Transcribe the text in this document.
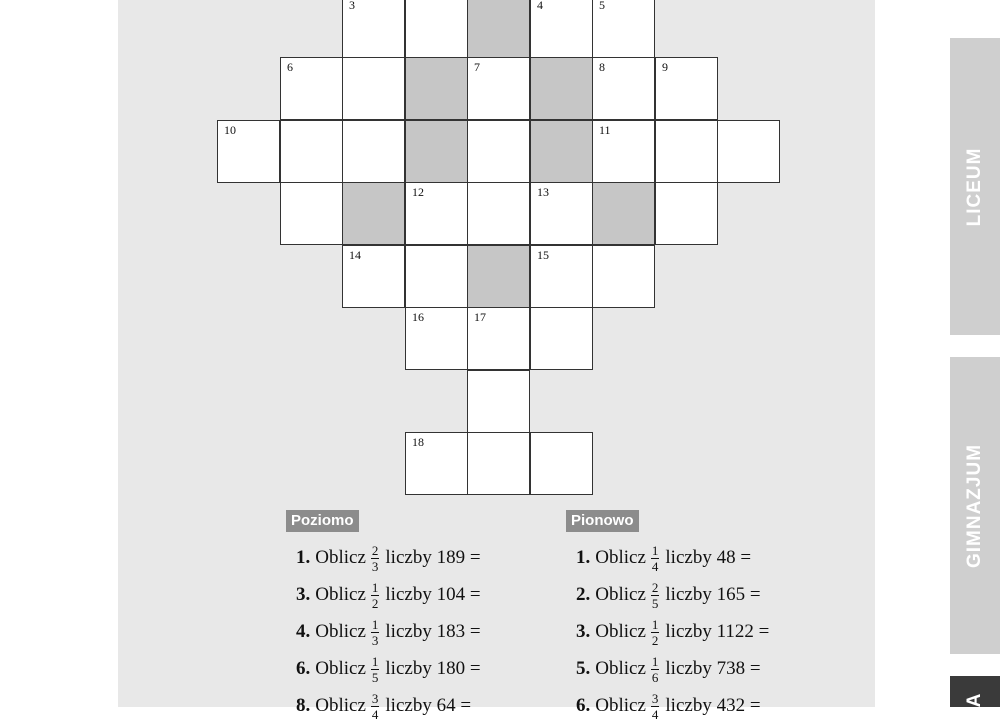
3	4	5
6	7	8	9
10	11
12	13
14	15
16	17
18
Poziomo
1. Oblicz $\frac{2}{3}$ liczby 189 =
3. Oblicz $\frac{1}{2}$ liczby 104 =
4. Oblicz $\frac{1}{3}$ liczby 183 =
6. Oblicz $\frac{1}{5}$ liczby 180 =
8. Oblicz $\frac{3}{4}$ liczby 64 =
Pionowo
1. Oblicz $\frac{1}{4}$ liczby 48 =
2. Oblicz $\frac{2}{5}$ liczby 165 =
3. Oblicz $\frac{1}{2}$ liczby 1122 =
5. Oblicz $\frac{1}{6}$ liczby 738 =
6. Oblicz $\frac{3}{4}$ liczby 432 =
LICEUM
GIMNAZJUM
A
